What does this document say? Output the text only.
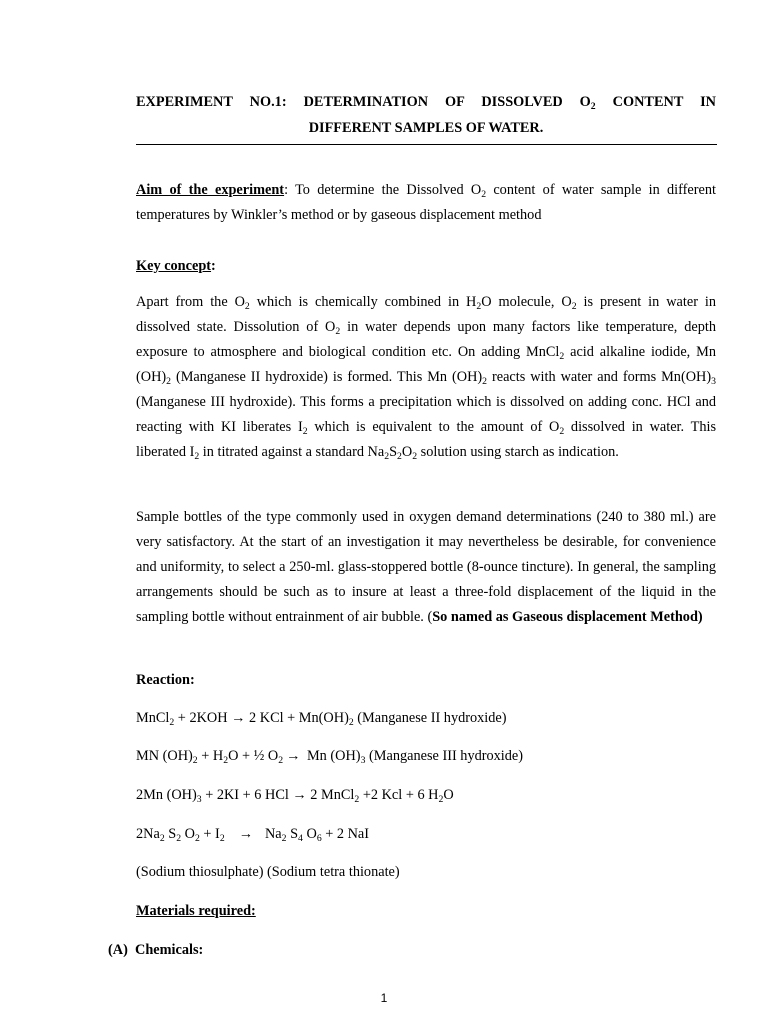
EXPERIMENT NO.1: DETERMINATION OF DISSOLVED $O_2$ CONTENT IN
DIFFERENT SAMPLES OF WATER.
Aim of the experiment: To determine the Dissolved $O_2$ content of water sample in different temperatures by Winkler’s method or by gaseous displacement method
Key concept:
Apart from the $O_2$ which is chemically combined in $H_2O$ molecule, $O_2$ is present in water in dissolved state. Dissolution of $O_2$ in water depends upon many factors like temperature, depth exposure to atmosphere and biological condition etc. On adding MnCl$_2$ acid alkaline iodide, Mn $(OH)_2$ (Manganese II hydroxide) is formed. This Mn $(OH)_2$ reacts with water and forms $Mn(OH)_3$ (Manganese III hydroxide). This forms a precipitation which is dissolved on adding conc. HCl and reacting with KI liberates $I_2$ which is equivalent to the amount of $O_2$ dissolved in water. This liberated $I_2$ in titrated against a standard $Na_2S_2O_2$ solution using starch as indication.
Sample bottles of the type commonly used in oxygen demand determinations (240 to 380 ml.) are very satisfactory. At the start of an investigation it may nevertheless be desirable, for convenience and uniformity, to select a 250-ml. glass-stoppered bottle (8-ounce tincture). In general, the sampling arrangements should be such as to insure at least a three-fold displacement of the liquid in the sampling bottle without entrainment of air bubble. (So named as Gaseous displacement Method)
Reaction:
MnCl$_2$ + 2KOH → 2 KCl + $Mn(OH)_2$ (Manganese II hydroxide)
MN $(OH)_2 + H_2O$ + ½ $O_2 \to Mn$ $(OH)_3$ (Manganese III hydroxide)
2Mn $(OH)_3 + 2KI + 6$ HCl → 2 MnCl$_2$ +2 Kcl + 6 $H_2O$
$2Na_2$ $S_2$ $O_2 + I_2 \to Na_2$ $S_4$ $O_6 + 2$ NaI
(Sodium thiosulphate) (Sodium tetra thionate)
Materials required:
(A) Chemicals:
1
